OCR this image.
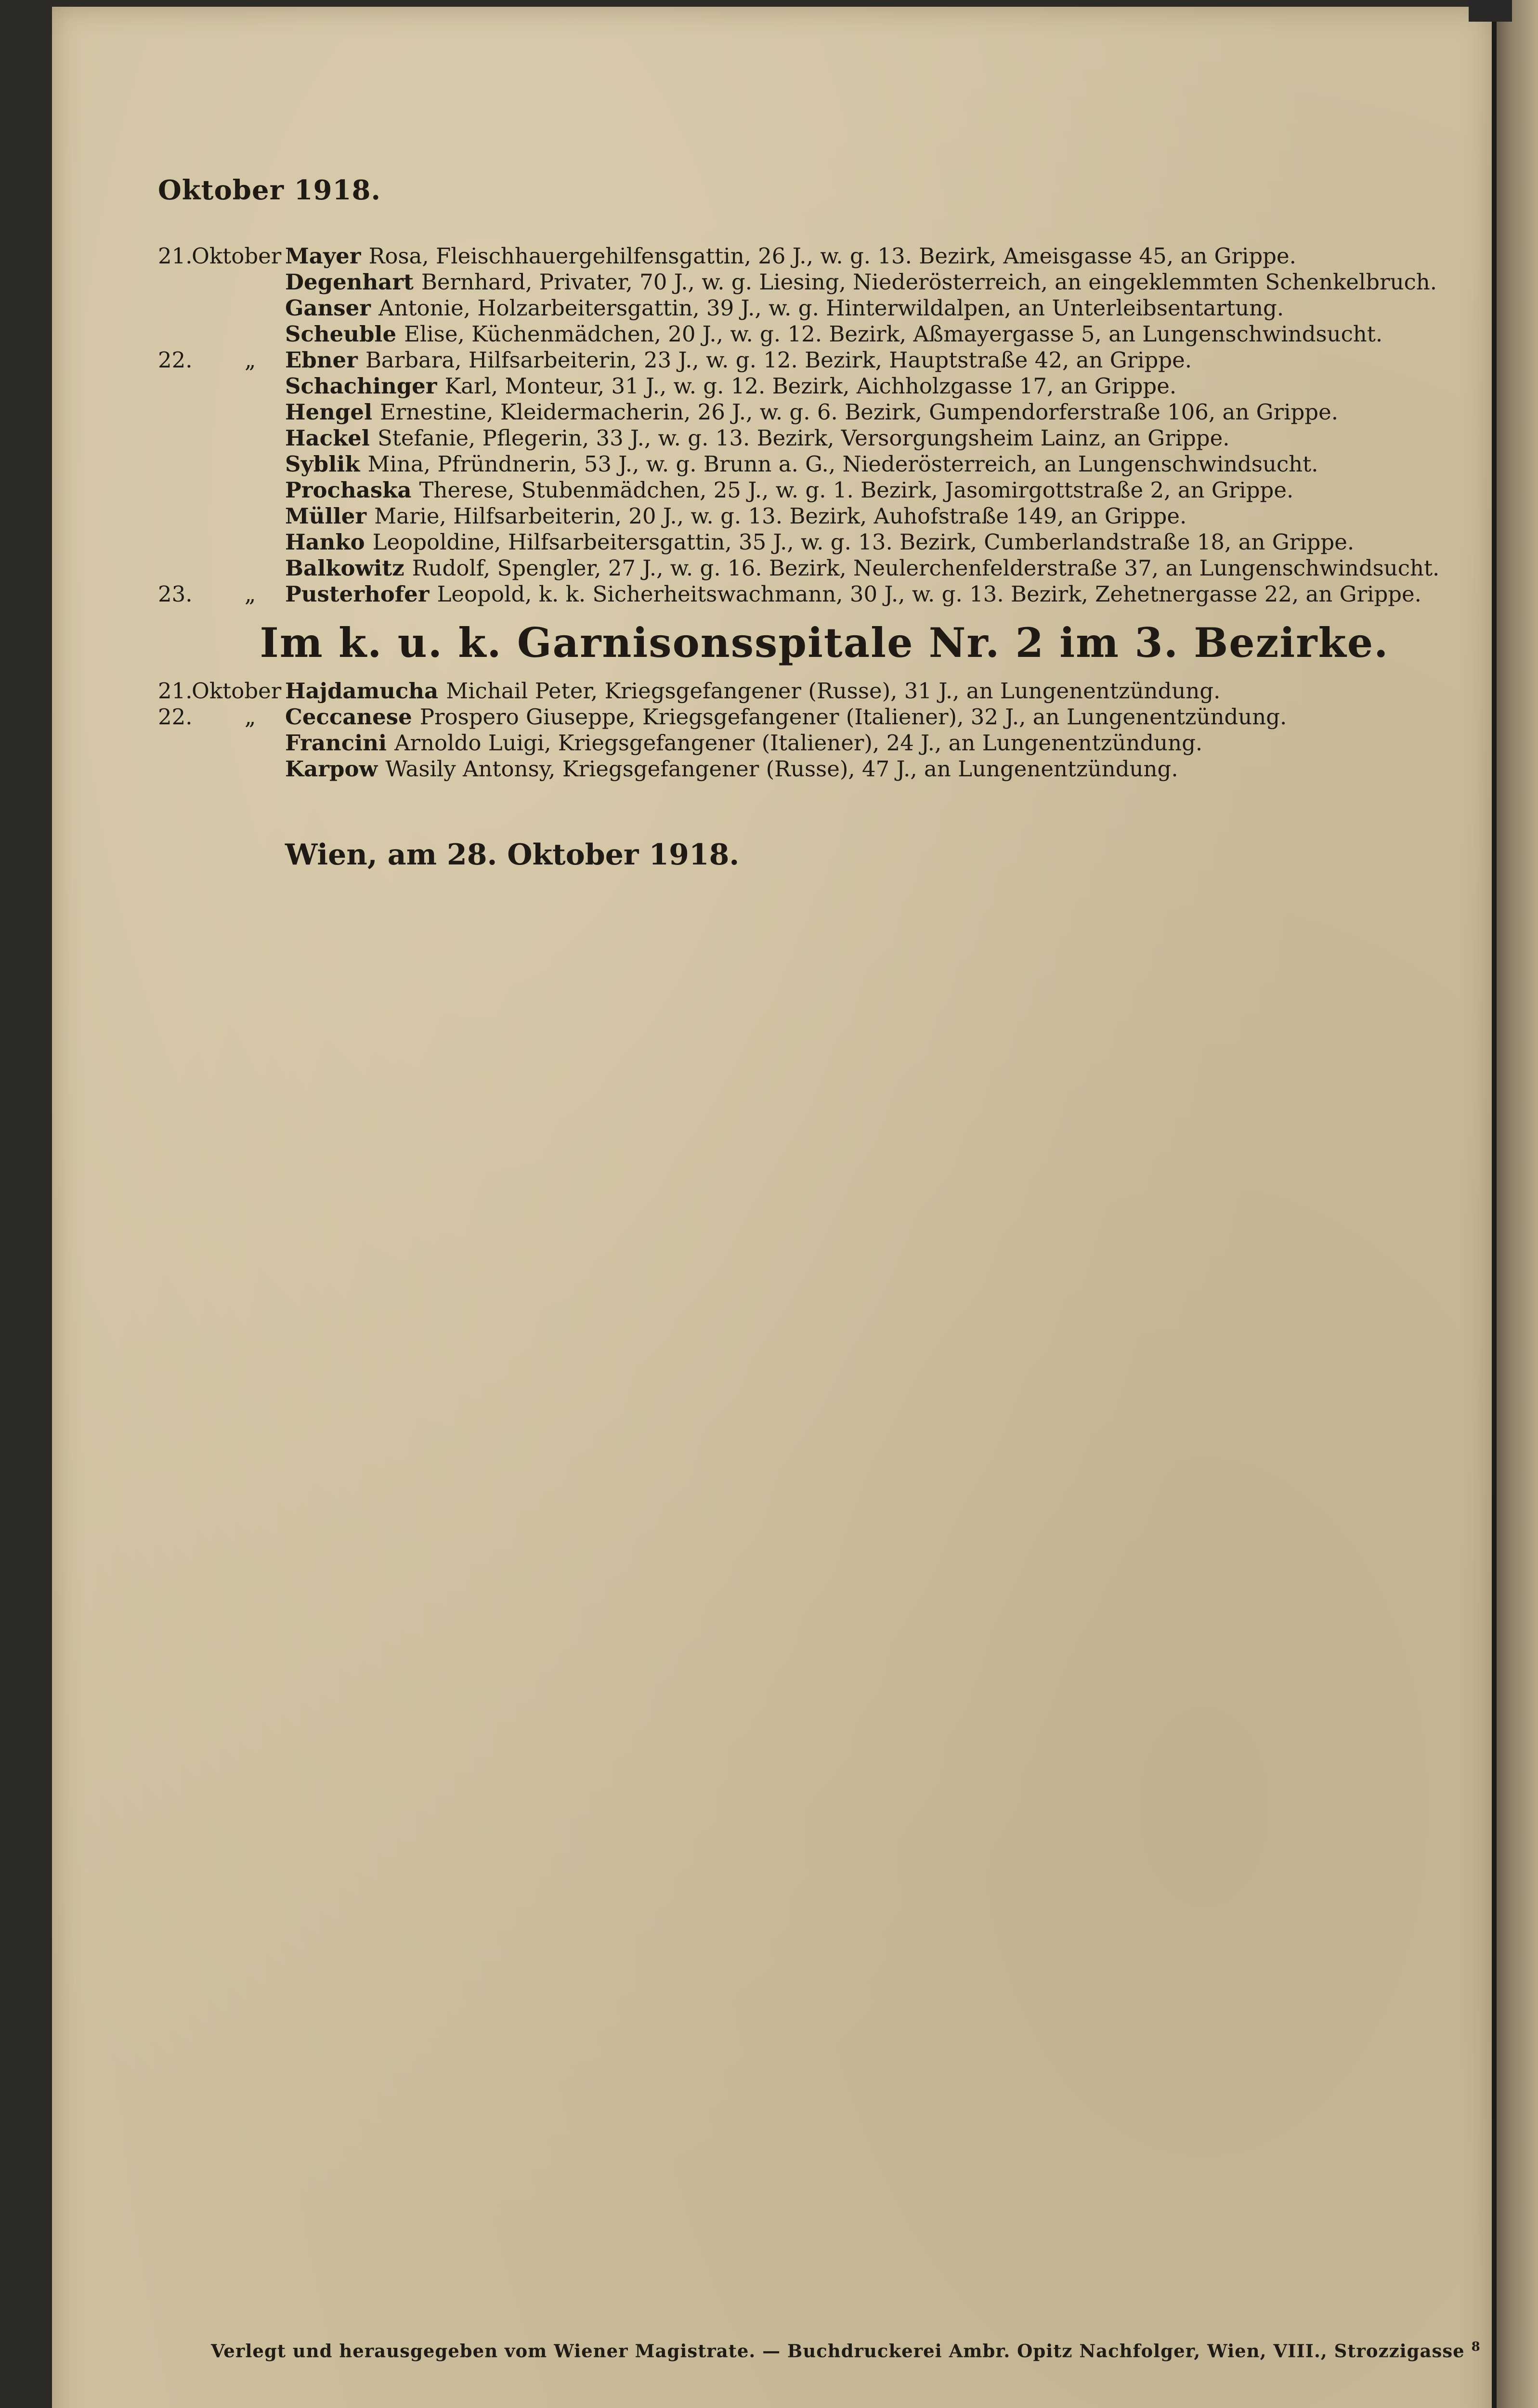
Oktober 1918.
21.Oktober Mayer Rosa, Fleischhauergehilfensgattin, 26 J., w. g. 13. Bezirk, Ameisgasse 45, an Grippe.
Degenhart Bernhard, Privater, 70 J., w. g. Liesing, Niederösterreich, an eingeklemmten Schenkelbruch.
Ganser Antonie, Holzarbeitersgattin, 39 J., w. g. Hinterwildalpen, an Unterleibsentartung.
Scheuble Elise, Küchenmädchen, 20 J., w. g. 12. Bezirk, Aßmayergasse 5, an Lungenschwindsucht.
22. „	Ebner Barbara, Hilfsarbeiterin, 23 J., w. g. 12. Bezirk, Hauptstraße 42, an Grippe.
Schachinger Karl, Monteur, 31 J., w. g. 12. Bezirk, Aichholzgasse 17, an Grippe.
Hengel Ernestine, Kleidermacherin, 26 J., w. g. 6. Bezirk, Gumpendorferstraße 106, an Grippe.
Hackel Stefanie, Pflegerin, 33 J., w. g. 13. Bezirk, Versorgungsheim Lainz, an Grippe.
Syblik Mina, Pfründnerin, 53 J., w. g. Brunn a. G., Niederösterreich, an Lungenschwindsucht.
Prochaska Therese, Stubenmädchen, 25 J., w. g. 1. Bezirk, Jasomirgottstraße 2, an Grippe.
Müller Marie, Hilfsarbeiterin, 20 J., w. g. 13. Bezirk, Auhofstraße 149, an Grippe.
Hanko Leopoldine, Hilfsarbeitersgattin, 35 J., w. g. 13. Bezirk, Cumberlandstraße 18, an Grippe.
Balkowitz Rudolf, Spengler, 27 J., w. g. 16. Bezirk, Neulerchenfelderstraße 37, an Lungenschwindsucht.
23. „	Pusterhofer Leopold, k. k. Sicherheitswachmann, 30 J., w. g. 13. Bezirk, Zehetnergasse 22, an Grippe.
Im k. u. k. Garnisonsspitale Nr. 2 im 3. Bezirke.
21.Oktober Hajdamucha Michail Peter, Kriegsgefangener (Russe), 31 J., an Lungenentzündung.
22. „	Ceccanese Prospero Giuseppe, Kriegsgefangener (Italiener), 32 J., an Lungenentzündung.
Francini Arnoldo Luigi, Kriegsgefangener (Italiener), 24 J., an Lungenentzündung.
Karpow Wasily Antonsy, Kriegsgefangener (Russe), 47 J., an Lungenentzündung.
Wien, am 28. Oktober 1918.
Verlegt und herausgegeben vom Wiener Magistrate. — Buchdruckerei Ambr. Opitz Nachfolger, Wien, VIII., Strozzigasse $^8$
